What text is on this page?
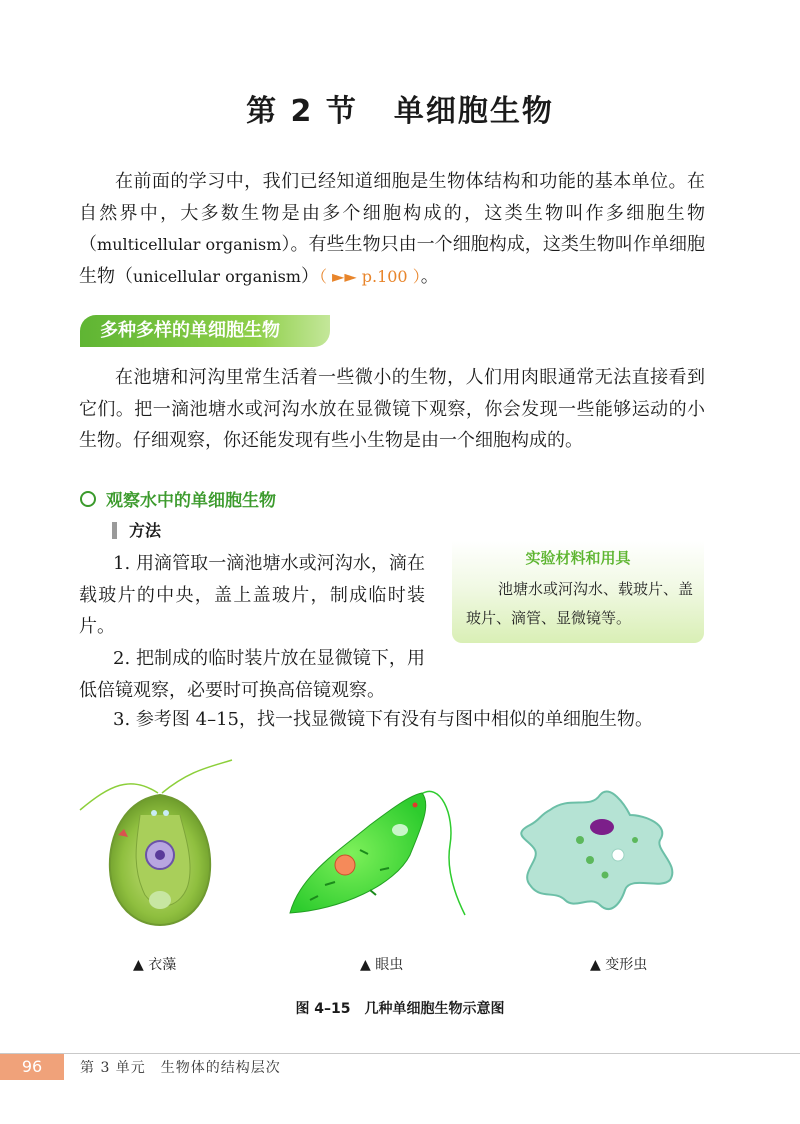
第 2 节 单细胞生物

在前面的学习中，我们已经知道细胞是生物体结构和功能的基本单位。在自然界中，大多数生物是由多个细胞构成的，这类生物叫作多细胞生物（multicellular organism）。有些生物只由一个细胞构成，这类生物叫作单细胞生物（unicellular organism）（ ►► p.100 ）。

多种多样的单细胞生物

在池塘和河沟里常生活着一些微小的生物，人们用肉眼通常无法直接看到它们。把一滴池塘水或河沟水放在显微镜下观察，你会发现一些能够运动的小生物。仔细观察，你还能发现有些小生物是由一个细胞构成的。

观察水中的单细胞生物
方法

1. 用滴管取一滴池塘水或河沟水，滴在载玻片的中央，盖上盖玻片，制成临时装片。

2. 把制成的临时装片放在显微镜下，用低倍镜观察，必要时可换高倍镜观察。

3. 参考图 4–15，找一找显微镜下有没有与图中相似的单细胞生物。
实验材料和用具
池塘水或河沟水、载玻片、盖玻片、滴管、显微镜等。
▲ 衣藻	▲ 眼虫	▲ 变形虫
图 4–15　几种单细胞生物示意图
96	第 3 单元　生物体的结构层次
